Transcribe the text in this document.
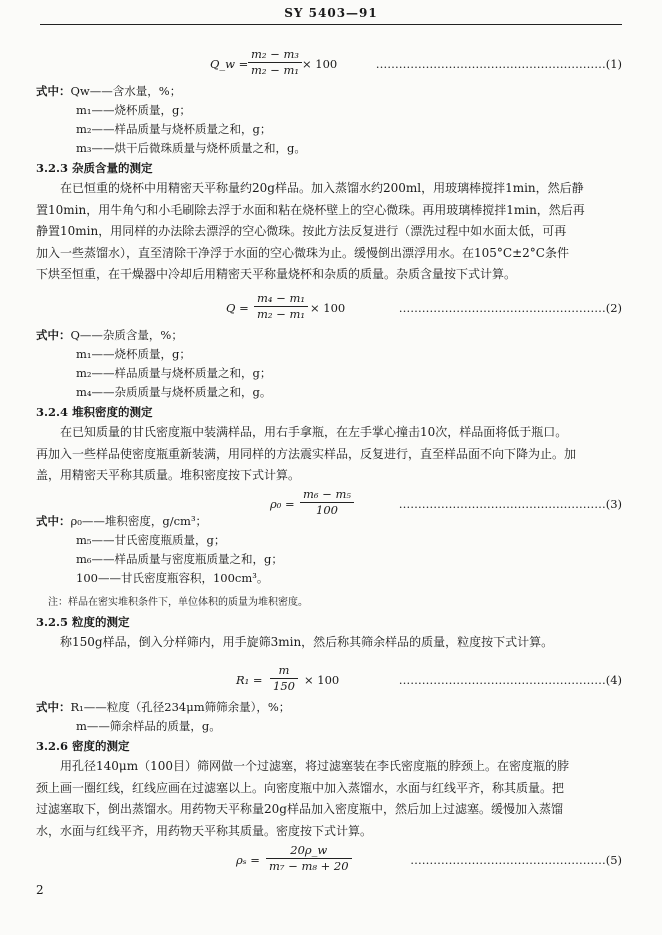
SY 5403—91
Q_w = $\frac{\text{m₂ − m₃}}{\text{m₂ − m₁}} \times 100$	……………………………………………………(1)
式中：Qw——含水量，%；
m₁——烧杯质量，g；
m₂——样品质量与烧杯质量之和，g；
m₃——烘干后微珠质量与烧杯质量之和，g。
3.2.3 杂质含量的测定
在已恒重的烧杯中用精密天平称量约20g样品。加入蒸馏水约200ml，用玻璃棒搅拌1min，然后静
置10min，用牛角勺和小毛刷除去浮于水面和粘在烧杯壁上的空心微珠。再用玻璃棒搅拌1min，然后再
静置10min，用同样的办法除去漂浮的空心微珠。按此方法反复进行（漂洗过程中如水面太低，可再
加入一些蒸馏水），直至清除干净浮于水面的空心微珠为止。缓慢倒出漂浮用水。在105°C±2°C条件
下烘至恒重，在干燥器中冷却后用精密天平称量烧杯和杂质的质量。杂质含量按下式计算。
$Q = \frac{\text{m₄ − m₁}}{\text{m₂ − m₁}} \times 100$	………………………………………………(2)
式中：Q——杂质含量，%；
m₁——烧杯质量，g；
m₂——样品质量与烧杯质量之和，g；
m₄——杂质质量与烧杯质量之和，g。
3.2.4 堆积密度的测定
在已知质量的甘氏密度瓶中装满样品，用右手拿瓶，在左手掌心撞击10次，样品面将低于瓶口。
再加入一些样品使密度瓶重新装满，用同样的方法震实样品，反复进行，直至样品面不向下降为止。加
盖，用精密天平称其质量。堆积密度按下式计算。
$\rho_0 = \frac{\text{m₆ − m₅}}{100}$	………………………………………………(3)
式中：ρ₀——堆积密度，g/cm³；
m₅——甘氏密度瓶质量，g；
m₆——样品质量与密度瓶质量之和，g；
100——甘氏密度瓶容积，100cm³。
注：样品在密实堆积条件下，单位体积的质量为堆积密度。
3.2.5 粒度的测定
称150g样品，倒入分样筛内，用手旋筛3min，然后称其筛余样品的质量，粒度按下式计算。
$R_1 = \frac{m}{150} \times 100$	………………………………………………(4)
式中：R₁——粒度（孔径234μm筛筛余量），%；
m——筛余样品的质量，g。
3.2.6 密度的测定
用孔径140μm（100目）筛网做一个过滤塞，将过滤塞装在李氏密度瓶的脖颈上。在密度瓶的脖
颈上画一圈红线，红线应画在过滤塞以上。向密度瓶中加入蒸馏水，水面与红线平齐，称其质量。把
过滤塞取下，倒出蒸馏水。用药物天平称量20g样品加入密度瓶中，然后加上过滤塞。缓慢加入蒸馏
水，水面与红线平齐，用药物天平称其质量。密度按下式计算。
$\rho_s = \frac{20\rho\_w}{\text{m₇ − m₈ + 20}}$	……………………………………………(5)
2
